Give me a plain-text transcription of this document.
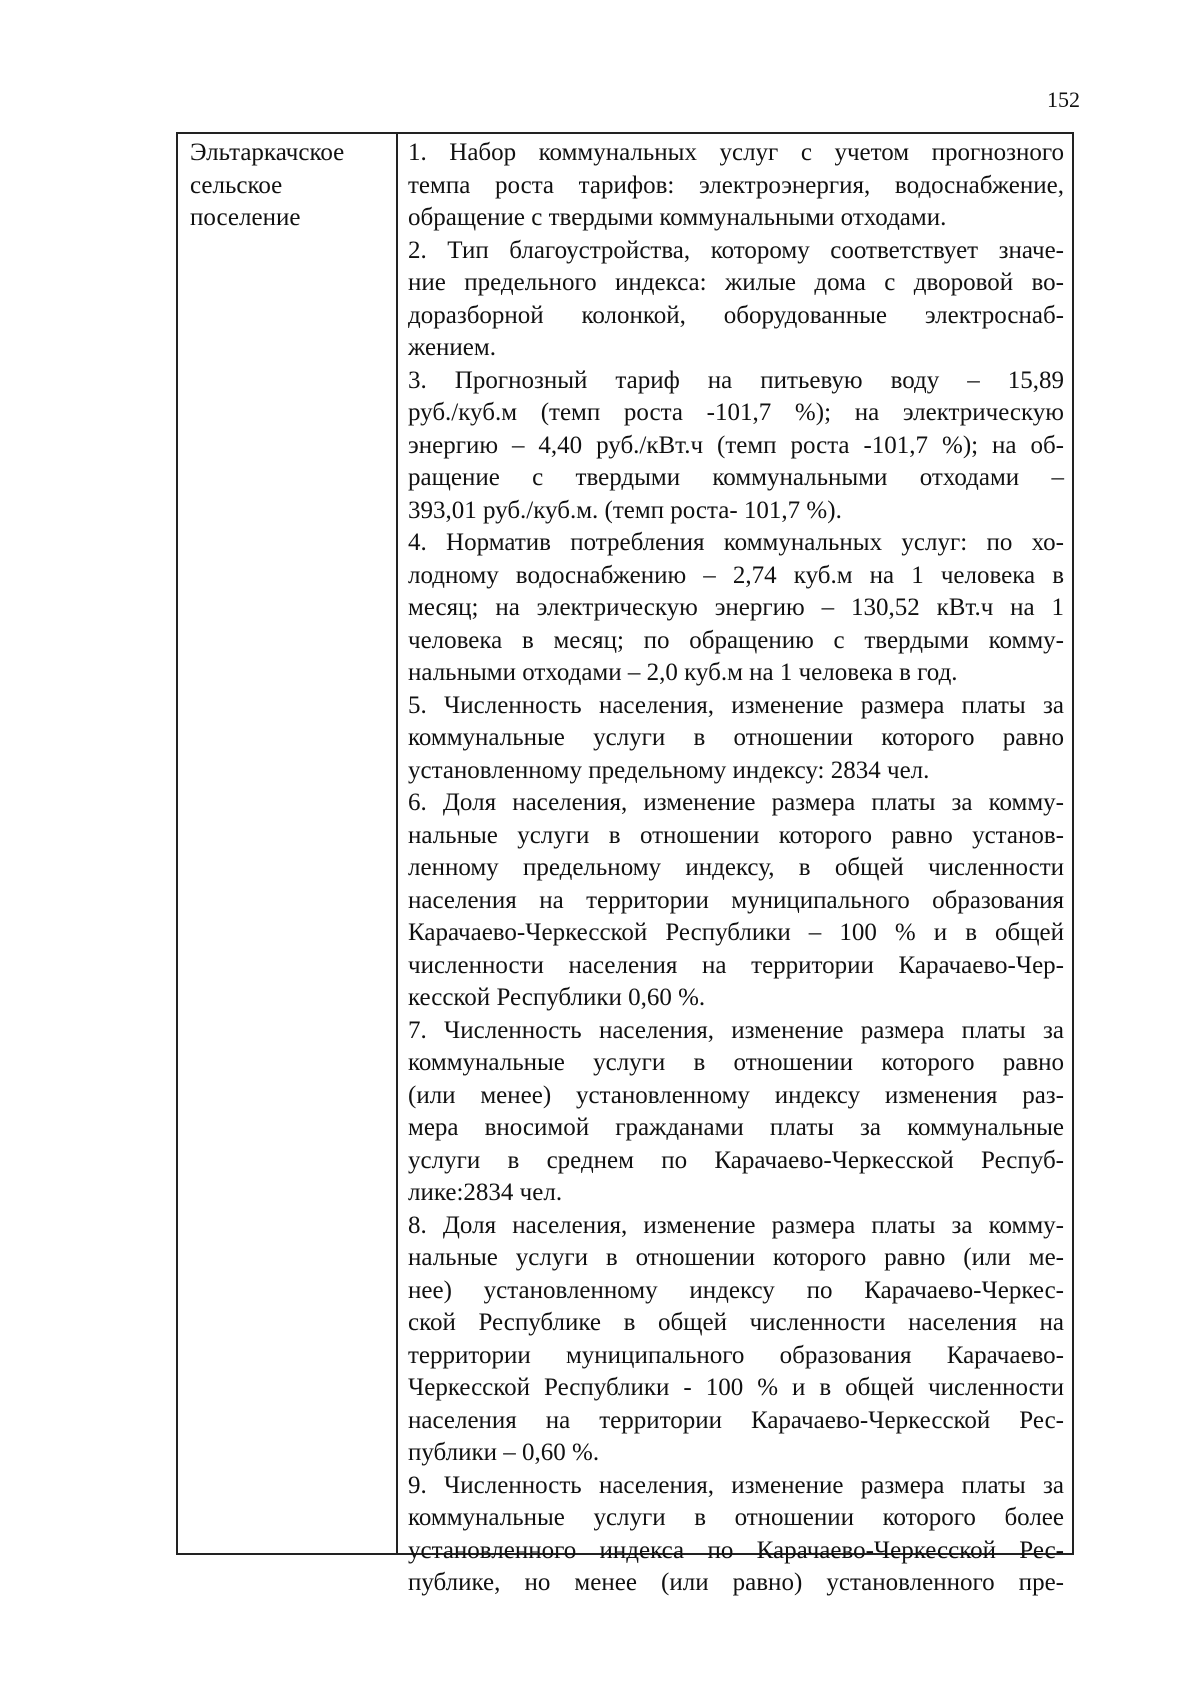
152
Эльтаркачское
сельское
поселение
1. Набор коммунальных услуг с учетом прогнозного
темпа роста тарифов: электроэнергия, водоснабжение,
обращение с твердыми коммунальными отходами.
2. Тип благоустройства, которому соответствует значе-
ние предельного индекса: жилые дома с дворовой во-
доразборной колонкой, оборудованные электроснаб-
жением.
3. Прогнозный тариф на питьевую воду – 15,89
руб./куб.м (темп роста -101,7 %); на электрическую
энергию – 4,40 руб./кВт.ч (темп роста -101,7 %); на об-
ращение с твердыми коммунальными отходами –
393,01 руб./куб.м. (темп роста- 101,7 %).
4. Норматив потребления коммунальных услуг: по хо-
лодному водоснабжению – 2,74 куб.м на 1 человека в
месяц; на электрическую энергию – 130,52 кВт.ч на 1
человека в месяц; по обращению с твердыми комму-
нальными отходами – 2,0 куб.м на 1 человека в год.
5. Численность населения, изменение размера платы за
коммунальные услуги в отношении которого равно
установленному предельному индексу: 2834 чел.
6. Доля населения, изменение размера платы за комму-
нальные услуги в отношении которого равно установ-
ленному предельному индексу, в общей численности
населения на территории муниципального образования
Карачаево-Черкесской Республики – 100 % и в общей
численности населения на территории Карачаево-Чер-
кесской Республики 0,60 %.
7. Численность населения, изменение размера платы за
коммунальные услуги в отношении которого равно
(или менее) установленному индексу изменения раз-
мера вносимой гражданами платы за коммунальные
услуги в среднем по Карачаево-Черкесской Респуб-
лике:2834 чел.
8. Доля населения, изменение размера платы за комму-
нальные услуги в отношении которого равно (или ме-
нее) установленному индексу по Карачаево-Черкес-
ской Республике в общей численности населения на
территории муниципального образования Карачаево-
Черкесской Республики - 100 % и в общей численности
населения на территории Карачаево-Черкесской Рес-
публики – 0,60 %.
9. Численность населения, изменение размера платы за
коммунальные услуги в отношении которого более
установленного индекса по Карачаево-Черкесской Рес-
публике, но менее (или равно) установленного пре-
